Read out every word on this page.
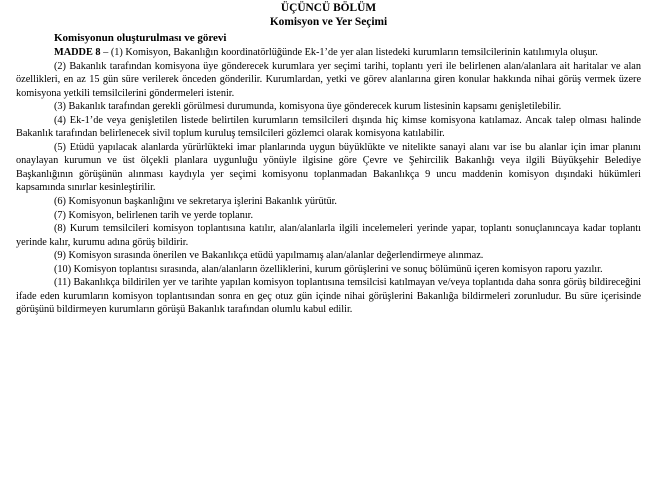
ÜÇÜNCÜ BÖLÜM

Komisyon ve Yer Seçimi

Komisyonun oluşturulması ve görevi

MADDE 8 – (1) Komisyon, Bakanlığın koordinatörlüğünde Ek-1’de yer alan listedeki kurumların temsilcilerinin katılımıyla oluşur.

(2) Bakanlık tarafından komisyona üye gönderecek kurumlara yer seçimi tarihi, toplantı yeri ile belirlenen alan/alanlara ait haritalar ve alan özellikleri, en az 15 gün süre verilerek önceden gönderilir. Kurumlardan, yetki ve görev alanlarına giren konular hakkında nihai görüş vermek üzere komisyona yetkili temsilcilerini göndermeleri istenir.

(3) Bakanlık tarafından gerekli görülmesi durumunda, komisyona üye gönderecek kurum listesinin kapsamı genişletilebilir.

(4) Ek-1’de veya genişletilen listede belirtilen kurumların temsilcileri dışında hiç kimse komisyona katılamaz. Ancak talep olması halinde Bakanlık tarafından belirlenecek sivil toplum kuruluş temsilcileri gözlemci olarak komisyona katılabilir.

(5) Etüdü yapılacak alanlarda yürürlükteki imar planlarında uygun büyüklükte ve nitelikte sanayi alanı var ise bu alanlar için imar planını onaylayan kurumun ve üst ölçekli planlara uygunluğu yönüyle ilgisine göre Çevre ve Şehircilik Bakanlığı veya ilgili Büyükşehir Belediye Başkanlığının görüşünün alınması kaydıyla yer seçimi komisyonu toplanmadan Bakanlıkça 9 uncu maddenin komisyon dışındaki hükümleri kapsamında sınırlar kesinleştirilir.

(6) Komisyonun başkanlığını ve sekretarya işlerini Bakanlık yürütür.

(7) Komisyon, belirlenen tarih ve yerde toplanır.

(8) Kurum temsilcileri komisyon toplantısına katılır, alan/alanlarla ilgili incelemeleri yerinde yapar, toplantı sonuçlanıncaya kadar toplantı yerinde kalır, kurumu adına görüş bildirir.

(9) Komisyon sırasında önerilen ve Bakanlıkça etüdü yapılmamış alan/alanlar değerlendirmeye alınmaz.

(10) Komisyon toplantısı sırasında, alan/alanların özelliklerini, kurum görüşlerini ve sonuç bölümünü içeren komisyon raporu yazılır.

(11) Bakanlıkça bildirilen yer ve tarihte yapılan komisyon toplantısına temsilcisi katılmayan ve/veya toplantıda daha sonra görüş bildireceğini ifade eden kurumların komisyon toplantısından sonra en geç otuz gün içinde nihai görüşlerini Bakanlığa bildirmeleri zorunludur. Bu süre içerisinde görüşünü bildirmeyen kurumların görüşü Bakanlık tarafından olumlu kabul edilir.
